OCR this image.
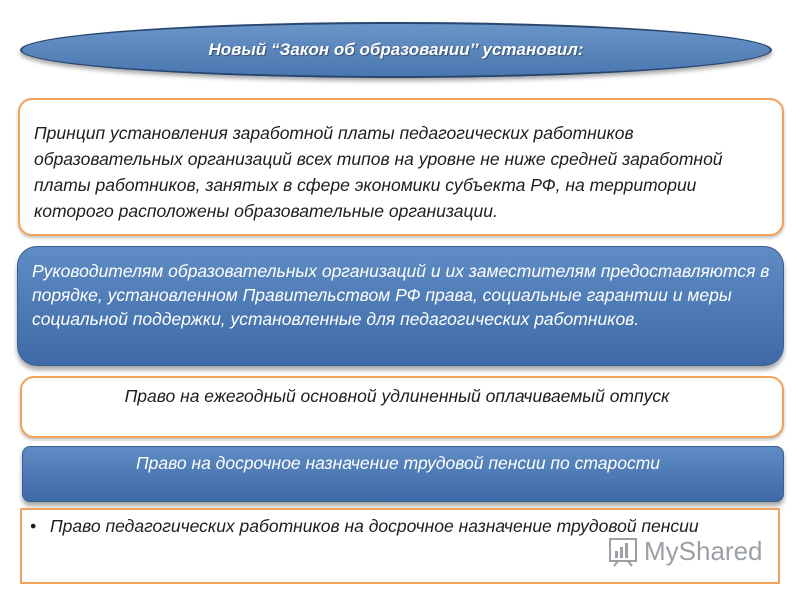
Новый “Закон об образовании’’ установил:
Принцип установления заработной платы педагогических работников образовательных организаций всех типов на уровне не ниже средней заработной платы работников, занятых в сфере экономики субъекта РФ, на территории которого расположены образовательные организации.
Руководителям образовательных организаций и их заместителям предоставляются в порядке, установленном Правительством РФ права, социальные гарантии и меры социальной поддержки, установленные для педагогических работников.
Право на ежегодный основной удлиненный оплачиваемый отпуск
Право на досрочное назначение трудовой пенсии по старости
• Право педагогических работников на досрочное назначение трудовой пенсии
MyShared
